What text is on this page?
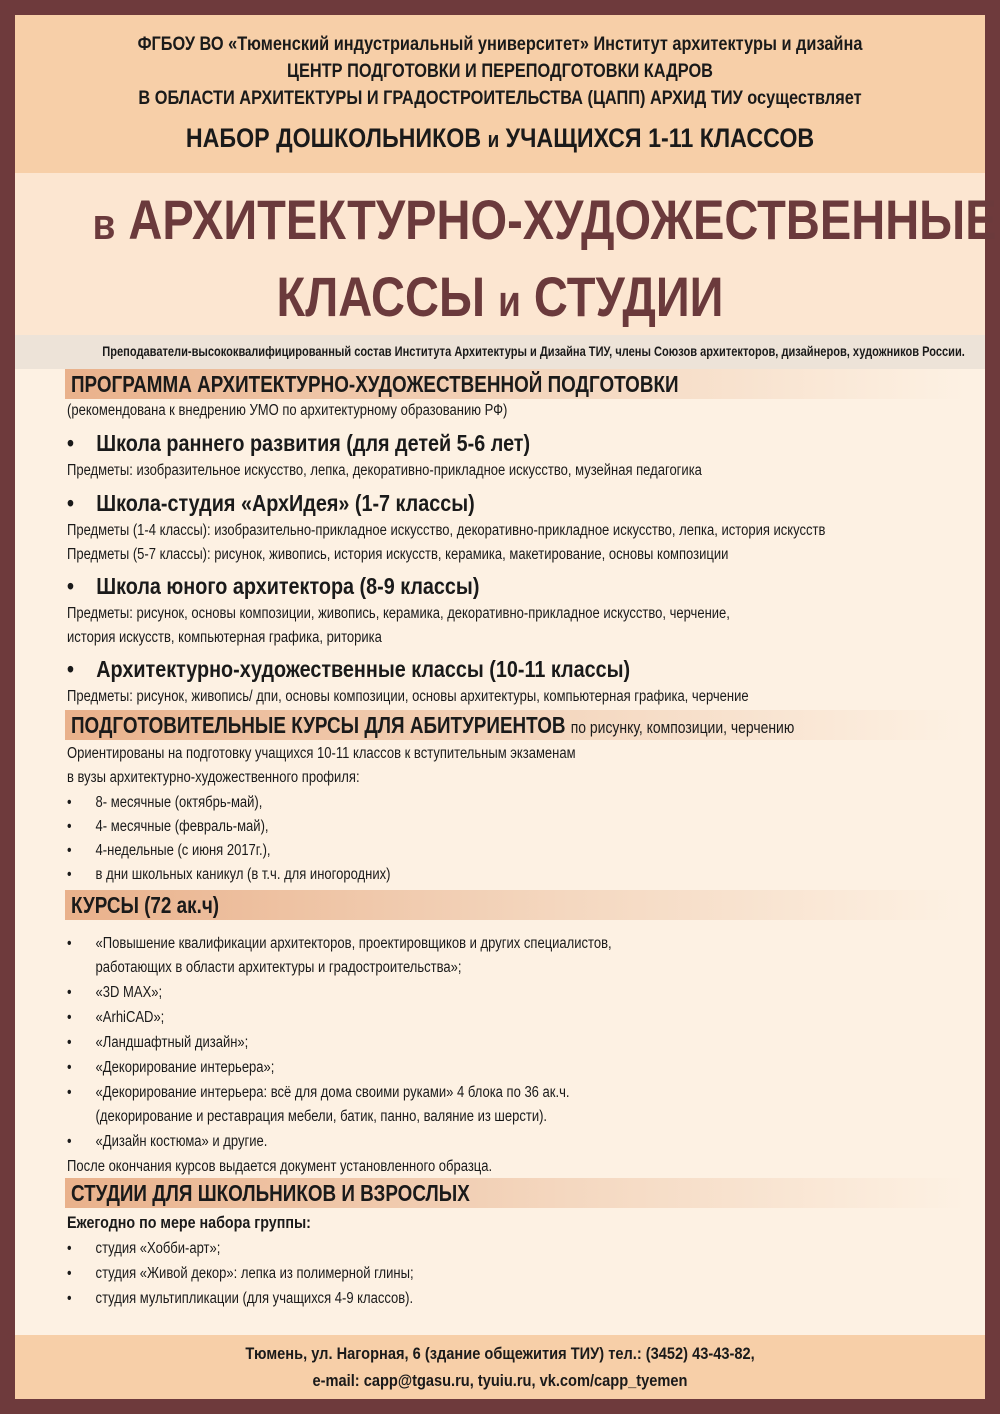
ФГБОУ ВО «Тюменский индустриальный университет» Институт архитектуры и дизайна
ЦЕНТР ПОДГОТОВКИ И ПЕРЕПОДГОТОВКИ КАДРОВ
В ОБЛАСТИ АРХИТЕКТУРЫ И ГРАДОСТРОИТЕЛЬСТВА (ЦАПП) АРХИД ТИУ осуществляет
НАБОР ДОШКОЛЬНИКОВ и УЧАЩИХСЯ 1-11 КЛАССОВ
в АРХИТЕКТУРНО-ХУДОЖЕСТВЕННЫЕ
КЛАССЫ и СТУДИИ
Преподаватели-высококвалифицированный состав Института Архитектуры и Дизайна ТИУ, члены Союзов архитекторов, дизайнеров, художников России.
ПРОГРАММА АРХИТЕКТУРНО-ХУДОЖЕСТВЕННОЙ ПОДГОТОВКИ
(рекомендована к внедрению УМО по архитектурному образованию РФ)
• Школа раннего развития (для детей 5-6 лет)
Предметы: изобразительное искусство, лепка, декоративно-прикладное искусство, музейная педагогика
• Школа-студия «АрхИдея» (1-7 классы)
Предметы (1-4 классы): изобразительно-прикладное искусство, декоративно-прикладное искусство, лепка, история искусств
Предметы (5-7 классы): рисунок, живопись, история искусств, керамика, макетирование, основы композиции
• Школа юного архитектора (8-9 классы)
Предметы: рисунок, основы композиции, живопись, керамика, декоративно-прикладное искусство, черчение,
история искусств, компьютерная графика, риторика
• Архитектурно-художественные классы (10-11 классы)
Предметы: рисунок, живопись/ дпи, основы композиции, основы архитектуры, компьютерная графика, черчение
ПОДГОТОВИТЕЛЬНЫЕ КУРСЫ ДЛЯ АБИТУРИЕНТОВ по рисунку, композиции, черчению
Ориентированы на подготовку учащихся 10-11 классов к вступительным экзаменам
в вузы архитектурно-художественного профиля:
• 8- месячные (октябрь-май),
• 4- месячные (февраль-май),
• 4-недельные (с июня 2017г.),
• в дни школьных каникул (в т.ч. для иногородних)
КУРСЫ (72 ак.ч)
• «Повышение квалификации архитекторов, проектировщиков и других специалистов,
работающих в области архитектуры и градостроительства»;
• «3D MAX»;
• «ArhiCAD»;
• «Ландшафтный дизайн»;
• «Декорирование интерьера»;
• «Декорирование интерьера: всё для дома своими руками» 4 блока по 36 ак.ч.
(декорирование и реставрация мебели, батик, панно, валяние из шерсти).
• «Дизайн костюма» и другие.
После окончания курсов выдается документ установленного образца.
СТУДИИ ДЛЯ ШКОЛЬНИКОВ И ВЗРОСЛЫХ
Ежегодно по мере набора группы:
• студия «Хобби-арт»;
• студия «Живой декор»: лепка из полимерной глины;
• студия мультипликации (для учащихся 4-9 классов).
Тюмень, ул. Нагорная, 6 (здание общежития ТИУ) тел.: (3452) 43-43-82,
e-mail: capp@tgasu.ru, tyuiu.ru, vk.com/capp_tyemen
